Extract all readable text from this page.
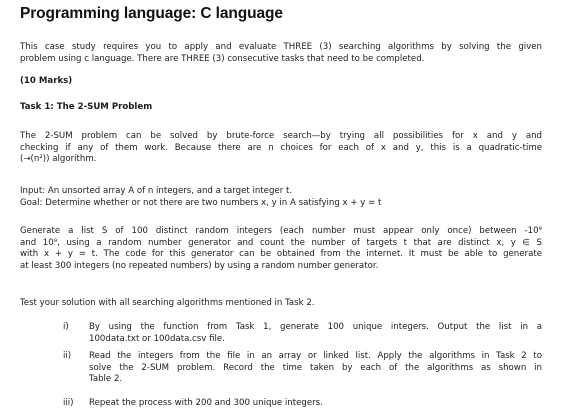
Programming language: C language
This case study requires you to apply and evaluate THREE (3) searching algorithms by solving the given
problem using c language. There are THREE (3) consecutive tasks that need to be completed.
(10 Marks)
Task 1: The 2-SUM Problem
The 2-SUM problem can be solved by brute-force search—by trying all possibilities for x and y and
checking if any of them work. Because there are n choices for each of x and y, this is a quadratic-time
(→(n²)) algorithm.
Input: An unsorted array A of n integers, and a target integer t.
Goal: Determine whether or not there are two numbers x, y in A satisfying x + y = t
Generate a list S of 100 distinct random integers (each number must appear only once) between -10⁹
and 10⁹, using a random number generator and count the number of targets t that are distinct x, y ∈ S
with x + y = t. The code for this generator can be obtained from the internet. It must be able to generate
at least 300 integers (no repeated numbers) by using a random number generator.
Test your solution with all searching algorithms mentioned in Task 2.
i)	By using the function from Task 1, generate 100 unique integers. Output the list in a
100data.txt or 100data.csv file.
ii)	Read the integers from the file in an array or linked list. Apply the algorithms in Task 2 to
solve the 2-SUM problem. Record the time taken by each of the algorithms as shown in
Table 2.
iii)	Repeat the process with 200 and 300 unique integers.
